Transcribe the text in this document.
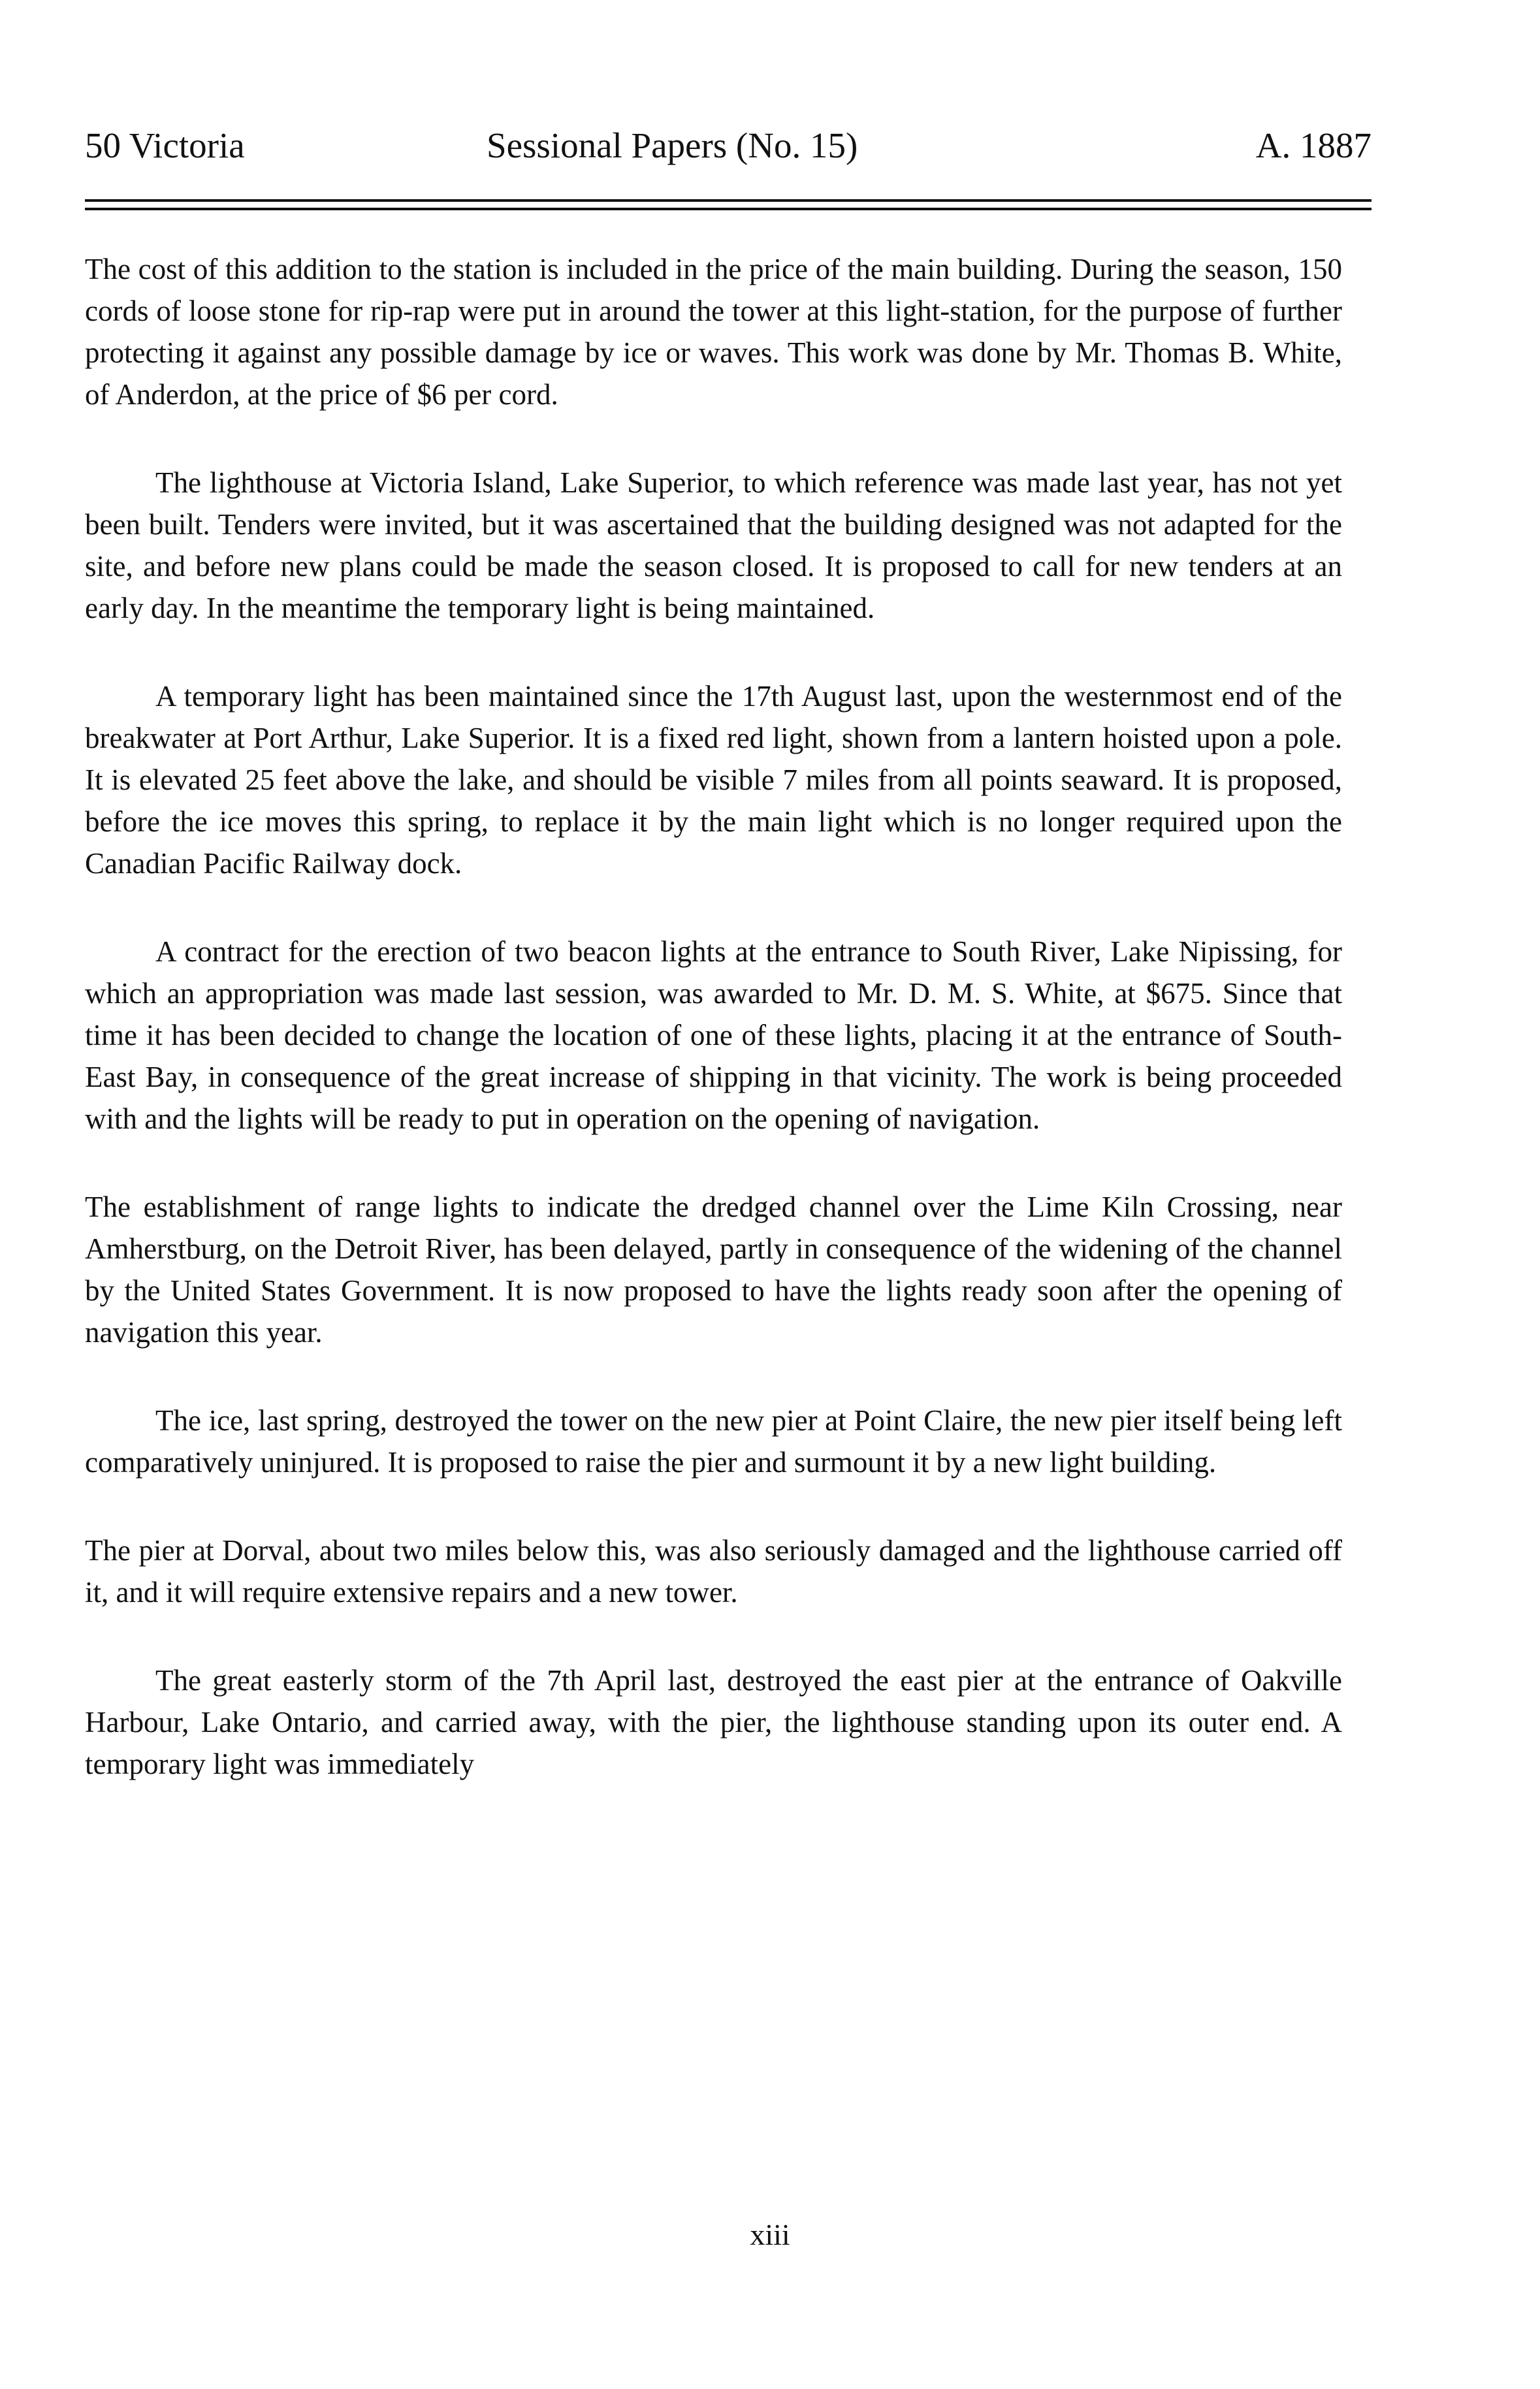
50 Victoria	Sessional Papers (No. 15)	A. 1887

The cost of this addition to the station is included in the price of the main building. During the season, 150 cords of loose stone for rip-rap were put in around the tower at this light-station, for the purpose of further protecting it against any possible damage by ice or waves. This work was done by Mr. Thomas B. White, of Anderdon, at the price of $6 per cord.

The lighthouse at Victoria Island, Lake Superior, to which reference was made last year, has not yet been built. Tenders were invited, but it was ascertained that the building designed was not adapted for the site, and before new plans could be made the season closed. It is proposed to call for new tenders at an early day. In the meantime the temporary light is being maintained.

A temporary light has been maintained since the 17th August last, upon the westernmost end of the breakwater at Port Arthur, Lake Superior. It is a fixed red light, shown from a lantern hoisted upon a pole. It is elevated 25 feet above the lake, and should be visible 7 miles from all points seaward. It is proposed, before the ice moves this spring, to replace it by the main light which is no longer required upon the Canadian Pacific Railway dock.

A contract for the erection of two beacon lights at the entrance to South River, Lake Nipissing, for which an appropriation was made last session, was awarded to Mr. D. M. S. White, at $675. Since that time it has been decided to change the location of one of these lights, placing it at the entrance of South-East Bay, in consequence of the great increase of shipping in that vicinity. The work is being proceeded with and the lights will be ready to put in operation on the opening of navigation.

The establishment of range lights to indicate the dredged channel over the Lime Kiln Crossing, near Amherstburg, on the Detroit River, has been delayed, partly in consequence of the widening of the channel by the United States Government. It is now proposed to have the lights ready soon after the opening of navigation this year.

The ice, last spring, destroyed the tower on the new pier at Point Claire, the new pier itself being left comparatively uninjured. It is proposed to raise the pier and surmount it by a new light building.

The pier at Dorval, about two miles below this, was also seriously damaged and the lighthouse carried off it, and it will require extensive repairs and a new tower.

The great easterly storm of the 7th April last, destroyed the east pier at the entrance of Oakville Harbour, Lake Ontario, and carried away, with the pier, the lighthouse standing upon its outer end. A temporary light was immediately

xiii
